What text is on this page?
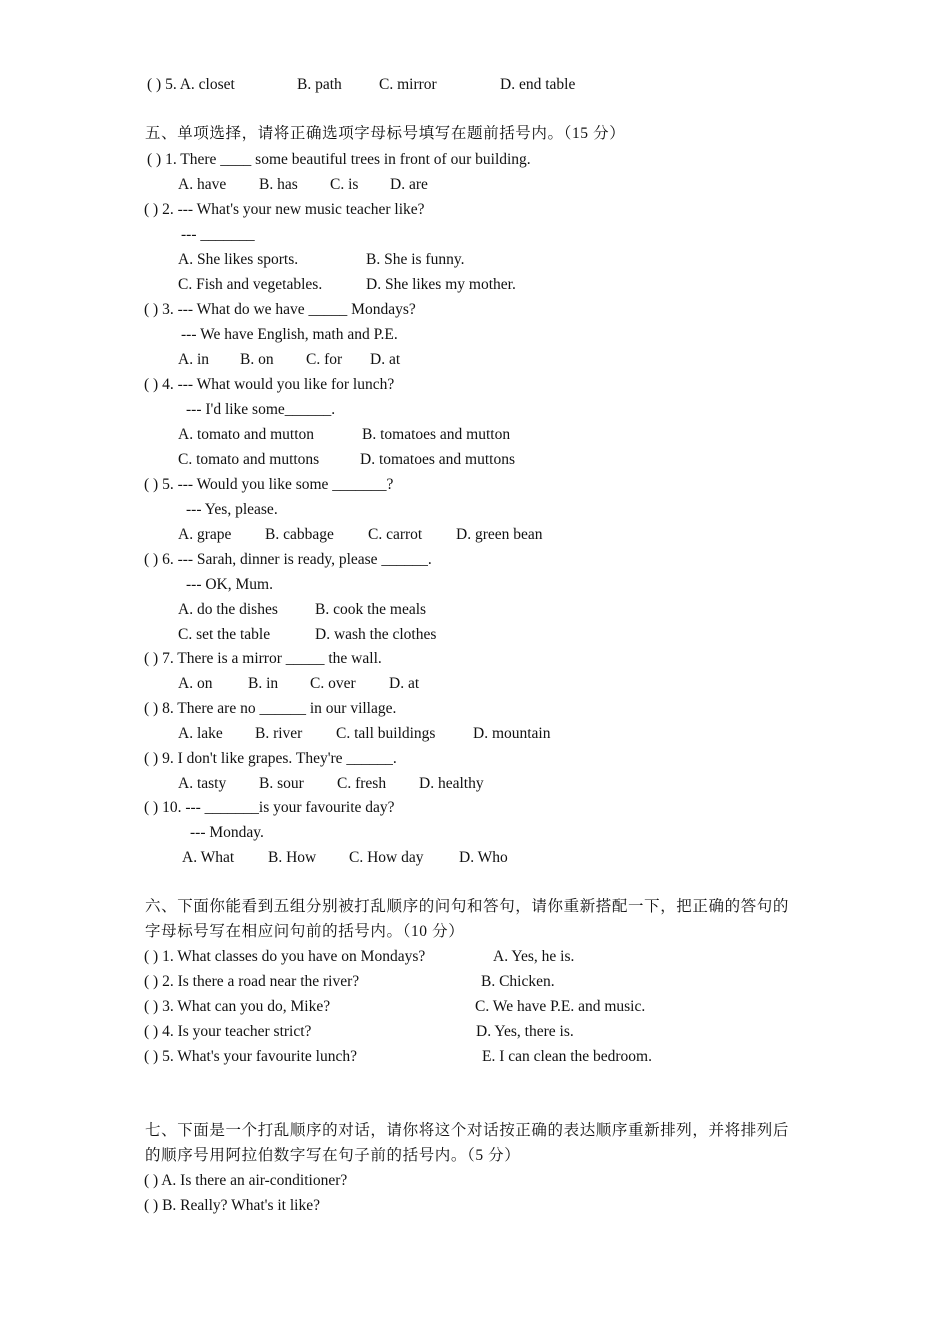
( ) 5. A. closet	B. path C. mirror	D. end table
五、单项选择，请将正确选项字母标号填写在题前括号内。（15 分）
( ) 1. There ____ some beautiful trees in front of our building.
A. have B. has C. is D. are
( ) 2. --- What's your new music teacher like?
--- _______
A. She likes sports.	B. She is funny.
C. Fish and vegetables.	D. She likes my mother.
( ) 3. --- What do we have _____ Mondays?
--- We have English, math and P.E.
A. in B. on C. for D. at
( ) 4. --- What would you like for lunch?
--- I'd like some______.
A. tomato and mutton	B. tomatoes and mutton
C. tomato and muttons	D. tomatoes and muttons
( ) 5. --- Would you like some _______?
--- Yes, please.
A. grape B. cabbage C. carrot D. green bean
( ) 6. --- Sarah, dinner is ready, please ______.
--- OK, Mum.
A. do the dishes B. cook the meals
C. set the table	D. wash the clothes
( ) 7. There is a mirror _____ the wall.
A. on B. in C. over D. at
( ) 8. There are no ______ in our village.
A. lake B. river C. tall buildings D. mountain
( ) 9. I don't like grapes. They're ______.
A. tasty B. sour C. fresh D. healthy
( ) 10. --- _______is your favourite day?
--- Monday.
A. What B. How C. How day D. Who
六、下面你能看到五组分别被打乱顺序的问句和答句，请你重新搭配一下，把正确的答句的
字母标号写在相应问句前的括号内。（10 分）
( ) 1. What classes do you have on Mondays?	A. Yes, he is.
( ) 2. Is there a road near the river?	B. Chicken.
( ) 3. What can you do, Mike?	C. We have P.E. and music.
( ) 4. Is your teacher strict?	D. Yes, there is.
( ) 5. What's your favourite lunch?	E. I can clean the bedroom.
七、下面是一个打乱顺序的对话，请你将这个对话按正确的表达顺序重新排列，并将排列后
的顺序号用阿拉伯数字写在句子前的括号内。（5 分）
( ) A. Is there an air-conditioner?
( ) B. Really? What's it like?
